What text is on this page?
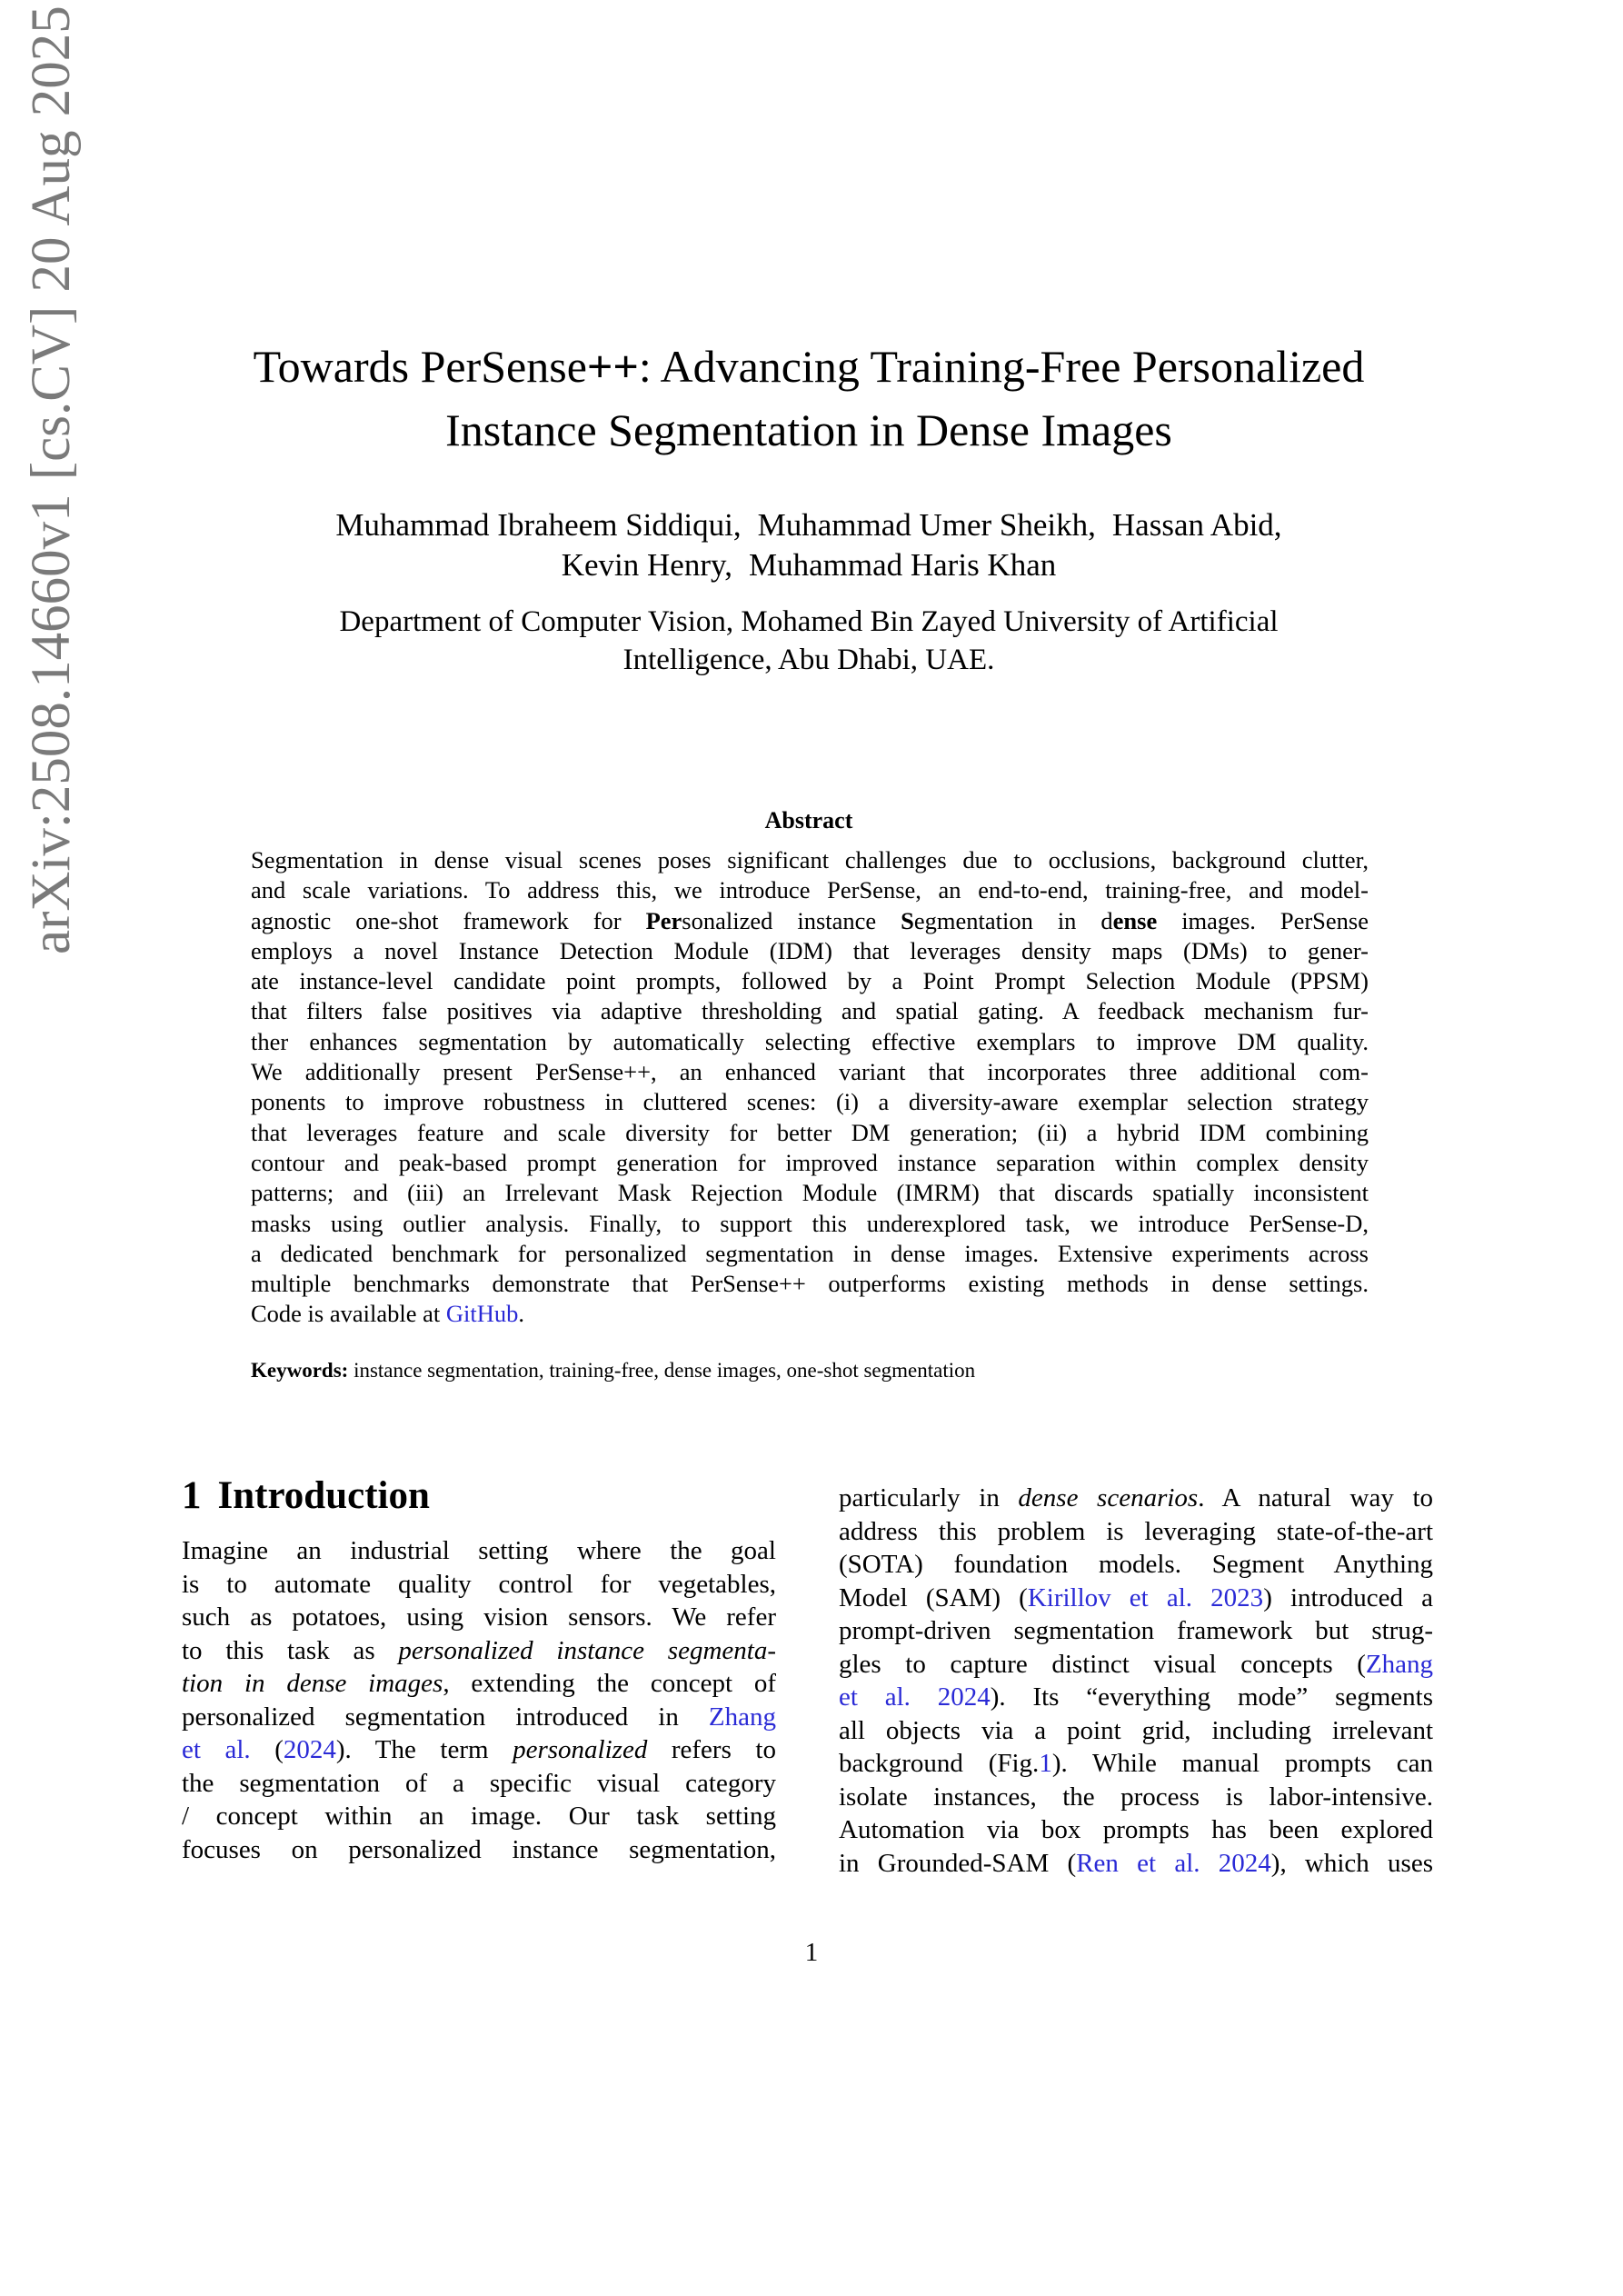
arXiv:2508.14660v1 [cs.CV] 20 Aug 2025	Towards PerSense++: Advancing Training-Free Personalized
Instance Segmentation in Dense Images
Muhammad Ibraheem Siddiqui, Muhammad Umer Sheikh, Hassan Abid,
Kevin Henry, Muhammad Haris Khan
Department of Computer Vision, Mohamed Bin Zayed University of Artificial
Intelligence, Abu Dhabi, UAE.
Abstract
Segmentation in dense visual scenes poses significant challenges due to occlusions, background clutter,
and scale variations. To address this, we introduce PerSense, an end-to-end, training-free, and model-
agnostic one-shot framework for Personalized instance Segmentation in dense images. PerSense
employs a novel Instance Detection Module (IDM) that leverages density maps (DMs) to gener-
ate instance-level candidate point prompts, followed by a Point Prompt Selection Module (PPSM)
that filters false positives via adaptive thresholding and spatial gating. A feedback mechanism fur-
ther enhances segmentation by automatically selecting effective exemplars to improve DM quality.
We additionally present PerSense++, an enhanced variant that incorporates three additional com-
ponents to improve robustness in cluttered scenes: (i) a diversity-aware exemplar selection strategy
that leverages feature and scale diversity for better DM generation; (ii) a hybrid IDM combining
contour and peak-based prompt generation for improved instance separation within complex density
patterns; and (iii) an Irrelevant Mask Rejection Module (IMRM) that discards spatially inconsistent
masks using outlier analysis. Finally, to support this underexplored task, we introduce PerSense-D,
a dedicated benchmark for personalized segmentation in dense images. Extensive experiments across
multiple benchmarks demonstrate that PerSense++ outperforms existing methods in dense settings.
Code is available at GitHub.
Keywords: instance segmentation, training-free, dense images, one-shot segmentation
1 Introduction
Imagine an industrial setting where the goal
is to automate quality control for vegetables,
such as potatoes, using vision sensors. We refer
to this task as personalized instance segmenta-
tion in dense images, extending the concept of
personalized segmentation introduced in Zhang
et al. (2024). The term personalized refers to
the segmentation of a specific visual category
/ concept within an image. Our task setting
focuses on personalized instance segmentation,
particularly in dense scenarios. A natural way to
address this problem is leveraging state-of-the-art
(SOTA) foundation models. Segment Anything
Model (SAM) (Kirillov et al. 2023) introduced a
prompt-driven segmentation framework but strug-
gles to capture distinct visual concepts (Zhang
et al. 2024). Its “everything mode” segments
all objects via a point grid, including irrelevant
background (Fig.1). While manual prompts can
isolate instances, the process is labor-intensive.
Automation via box prompts has been explored
in Grounded-SAM (Ren et al. 2024), which uses
1
